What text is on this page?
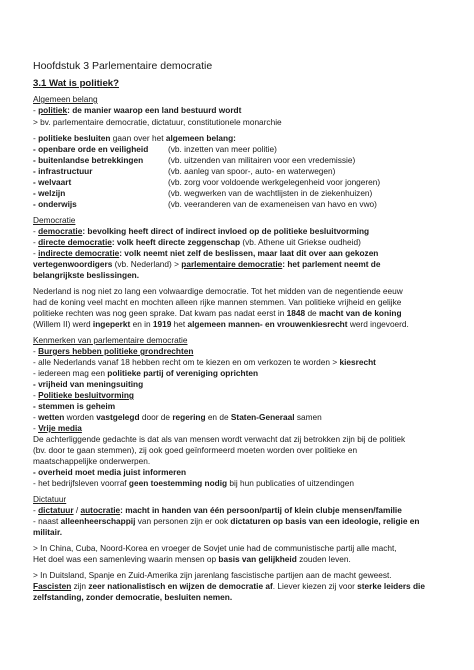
Hoofdstuk 3 Parlementaire democratie
3.1 Wat is politiek?
Algemeen belang
- politiek: de manier waarop een land bestuurd wordt
> bv. parlementaire democratie, dictatuur, constitutionele monarchie
- politieke besluiten gaan over het algemeen belang:
- openbare orde en veiligheid (vb. inzetten van meer politie)
- buitenlandse betrekkingen	(vb. uitzenden van militairen voor een vredemissie)
- infrastructuur	(vb. aanleg van spoor-, auto- en waterwegen)
- welvaart	(vb. zorg voor voldoende werkgelegenheid voor jongeren)
- welzijn	(vb. wegwerken van de wachtlijsten in de ziekenhuizen)
- onderwijs	(vb. veeranderen van de exameneisen van havo en vwo)
Democratie
- democratie: bevolking heeft direct of indirect invloed op de politieke besluitvorming
- directe democratie: volk heeft directe zeggenschap (vb. Athene uit Griekse oudheid)
- indirecte democratie: volk neemt niet zelf de beslissen, maar laat dit over aan gekozen
vertegenwoordigers (vb. Nederland) > parlementaire democratie: het parlement neemt de
belangrijkste beslissingen.
Nederland is nog niet zo lang een volwaardige democratie. Tot het midden van de negentiende eeuw
had de koning veel macht en mochten alleen rijke mannen stemmen. Van politieke vrijheid en gelijke
politieke rechten was nog geen sprake. Dat kwam pas nadat eerst in 1848 de macht van de koning
(Willem II) werd ingeperkt en in 1919 het algemeen mannen- en vrouwenkiesrecht werd ingevoerd.
Kenmerken van parlementaire democratie
- Burgers hebben politieke grondrechten
- alle Nederlands vanaf 18 hebben recht om te kiezen en om verkozen te worden > kiesrecht
- iedereen mag een politieke partij of vereniging oprichten
- vrijheid van meningsuiting
- Politieke besluitvorming
- stemmen is geheim
- wetten worden vastgelegd door de regering en de Staten-Generaal samen
- Vrije media
De achterliggende gedachte is dat als van mensen wordt verwacht dat zij betrokken zijn bij de politiek
(bv. door te gaan stemmen), zij ook goed geïnformeerd moeten worden over politieke en
maatschappelijke onderwerpen.
- overheid moet media juist informeren
- het bedrijfsleven voorraf geen toestemming nodig bij hun publicaties of uitzendingen
Dictatuur
- dictatuur / autocratie: macht in handen van één persoon/partij of klein clubje mensen/familie
- naast alleenheerschappij van personen zijn er ook dictaturen op basis van een ideologie, religie en
militair.
> In China, Cuba, Noord-Korea en vroeger de Sovjet unie had de communistische partij alle macht,
Het doel was een samenleving waarin mensen op basis van gelijkheid zouden leven.
> In Duitsland, Spanje en Zuid-Amerika zijn jarenlang fascistische partijen aan de macht geweest.
Fascisten zijn zeer nationalistisch en wijzen de democratie af. Liever kiezen zij voor sterke leiders die
zelfstanding, zonder democratie, besluiten nemen.
